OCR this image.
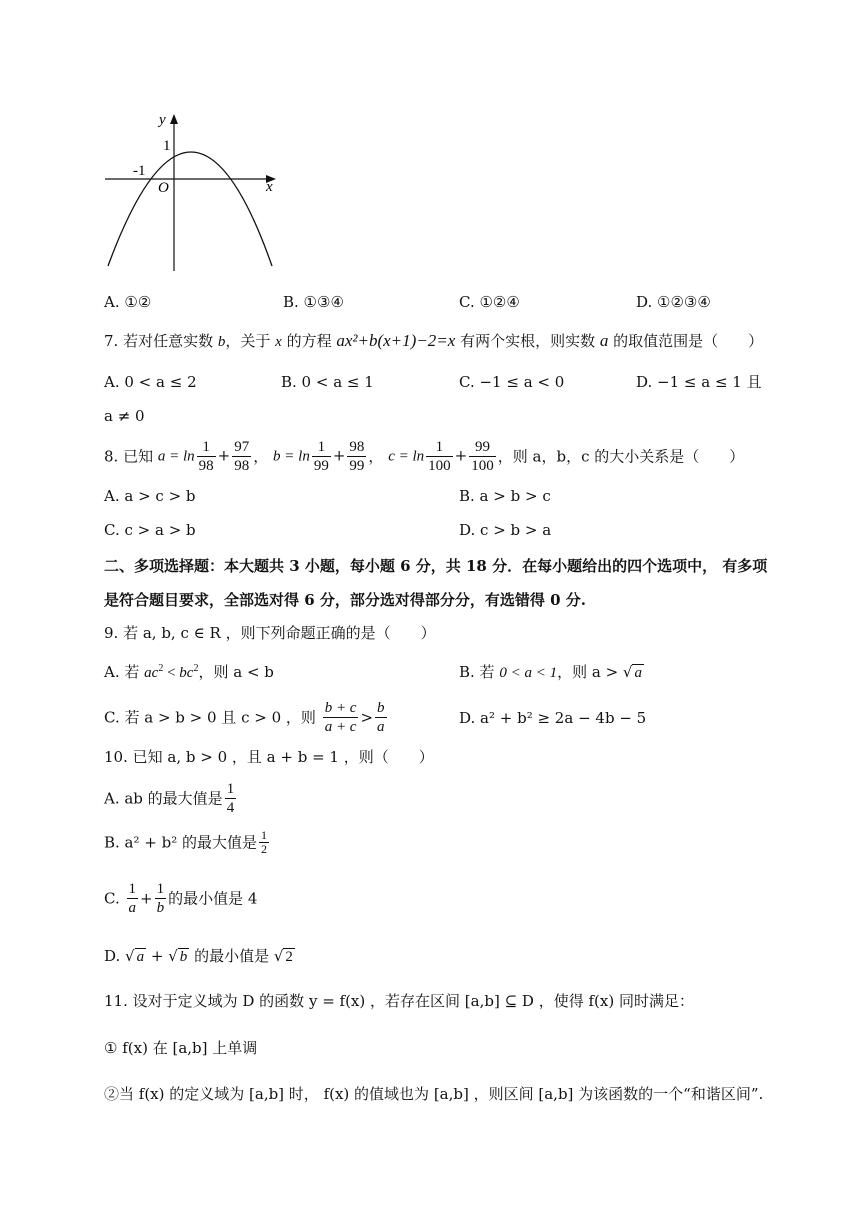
y
x
O
1
-1
A. ①②	B. ①③④	C. ①②④	D. ①②③④
7. 若对任意实数 b，关于 x 的方程 ax²+b(x+1)−2=x 有两个实根，则实数 a 的取值范围是（　　）
A. 0 < a ≤ 2	B. 0 < a ≤ 1	C. −1 ≤ a < 0	D. −1 ≤ a ≤ 1 且
a ≠ 0
8. 已知 $a = \ln \frac{1}{98} + \frac{97}{98}$ ， $b = \ln \frac{1}{99} + \frac{98}{99}$ ， $c = \ln \frac{1}{100} + \frac{99}{100}$ ，则 a，b，c 的大小关系是（　　）
A. a > c > b	B. a > b > c
C. c > a > b	D. c > b > a
二、多项选择题：本大题共 3 小题，每小题 6 分，共 18 分．在每小题给出的四个选项中， 有多项
是符合题目要求，全部选对得 6 分，部分选对得部分分，有选错得 0 分.
9. 若 a, b, c ∈ R ，则下列命题正确的是（　　）
A. 若 $ac^2 < bc^2$，则 a < b	B. 若 0 < a < 1，则 a > √ a
C. 若 a > b > 0 且 c > 0 ，则 $\frac{b + c}{a + c} > \frac{b}{a}$	D. a² + b² ≥ 2a − 4b − 5
10. 已知 a, b > 0 ，且 a + b = 1 ，则（　　）
A. ab 的最大值是 $\frac{1}{4}$
B. a² + b² 的最大值是 $\frac{1}{2}$
C. $\frac{1}{a} + \frac{1}{b}$ 的最小值是 4
D. √ a + √ b 的最小值是 √ 2
11. 设对于定义域为 D 的函数 y = f(x) ，若存在区间 [a,b] ⊆ D ，使得 f(x) 同时满足：
① f(x) 在 [a,b] 上单调
②当 f(x) 的定义域为 [a,b] 时， f(x) 的值域也为 [a,b] ，则区间 [a,b] 为该函数的一个“和谐区间”.
